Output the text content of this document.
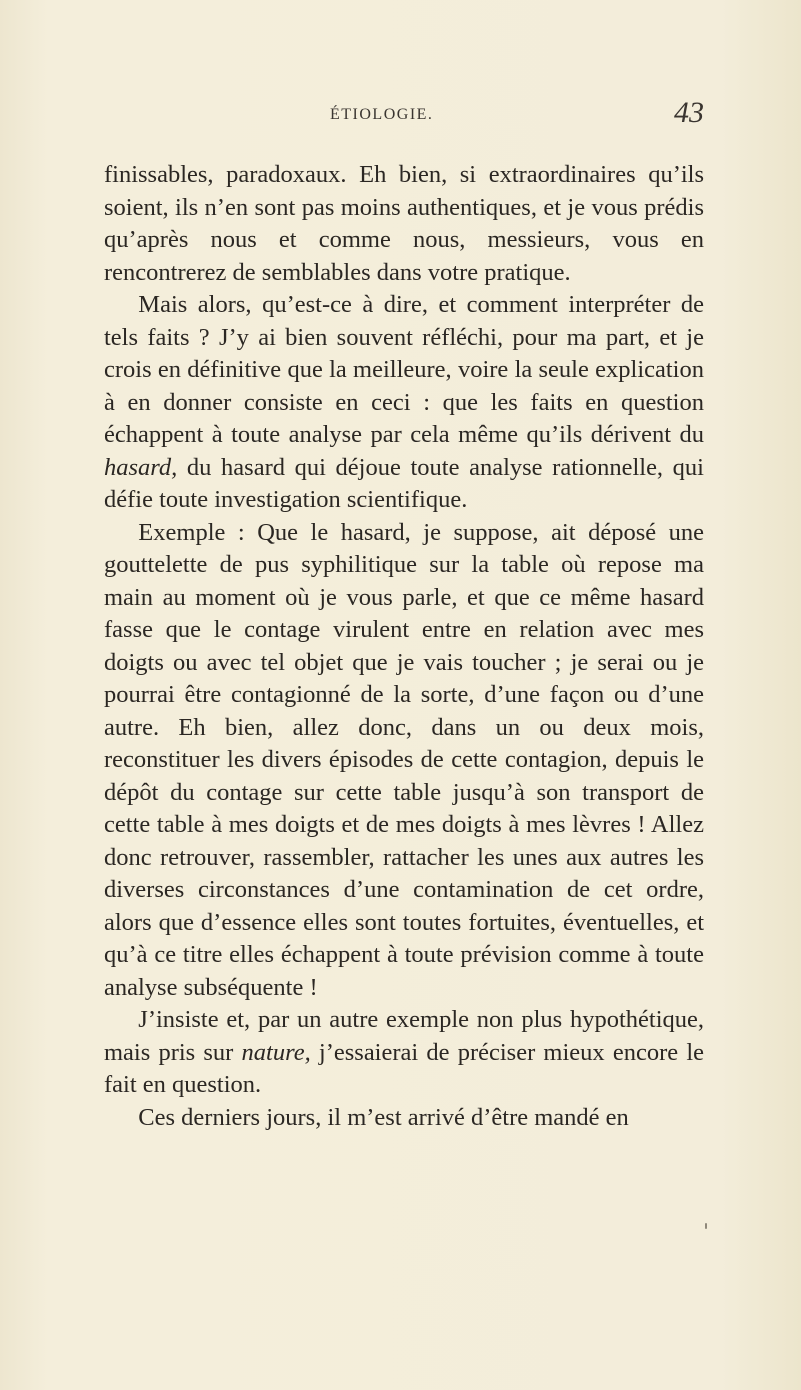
ÉTIOLOGIE.	43

finissables, paradoxaux. Eh bien, si extraordinaires qu’ils soient, ils n’en sont pas moins authentiques, et je vous prédis qu’après nous et comme nous, messieurs, vous en rencontrerez de semblables dans votre pratique.

Mais alors, qu’est-ce à dire, et comment interpréter de tels faits ? J’y ai bien souvent réfléchi, pour ma part, et je crois en définitive que la meilleure, voire la seule explication à en donner consiste en ceci : que les faits en question échappent à toute analyse par cela même qu’ils dérivent du hasard, du hasard qui déjoue toute analyse rationnelle, qui défie toute investigation scientifique.

Exemple : Que le hasard, je suppose, ait déposé une gouttelette de pus syphilitique sur la table où repose ma main au moment où je vous parle, et que ce même hasard fasse que le contage virulent entre en relation avec mes doigts ou avec tel objet que je vais toucher ; je serai ou je pourrai être contagionné de la sorte, d’une façon ou d’une autre. Eh bien, allez donc, dans un ou deux mois, reconstituer les divers épisodes de cette contagion, depuis le dépôt du contage sur cette table jusqu’à son transport de cette table à mes doigts et de mes doigts à mes lèvres ! Allez donc retrouver, rassembler, rattacher les unes aux autres les diverses circonstances d’une contamination de cet ordre, alors que d’essence elles sont toutes fortuites, éventuelles, et qu’à ce titre elles échappent à toute prévision comme à toute analyse subséquente !

J’insiste et, par un autre exemple non plus hypothétique, mais pris sur nature, j’essaierai de préciser mieux encore le fait en question.

Ces derniers jours, il m’est arrivé d’être mandé en
